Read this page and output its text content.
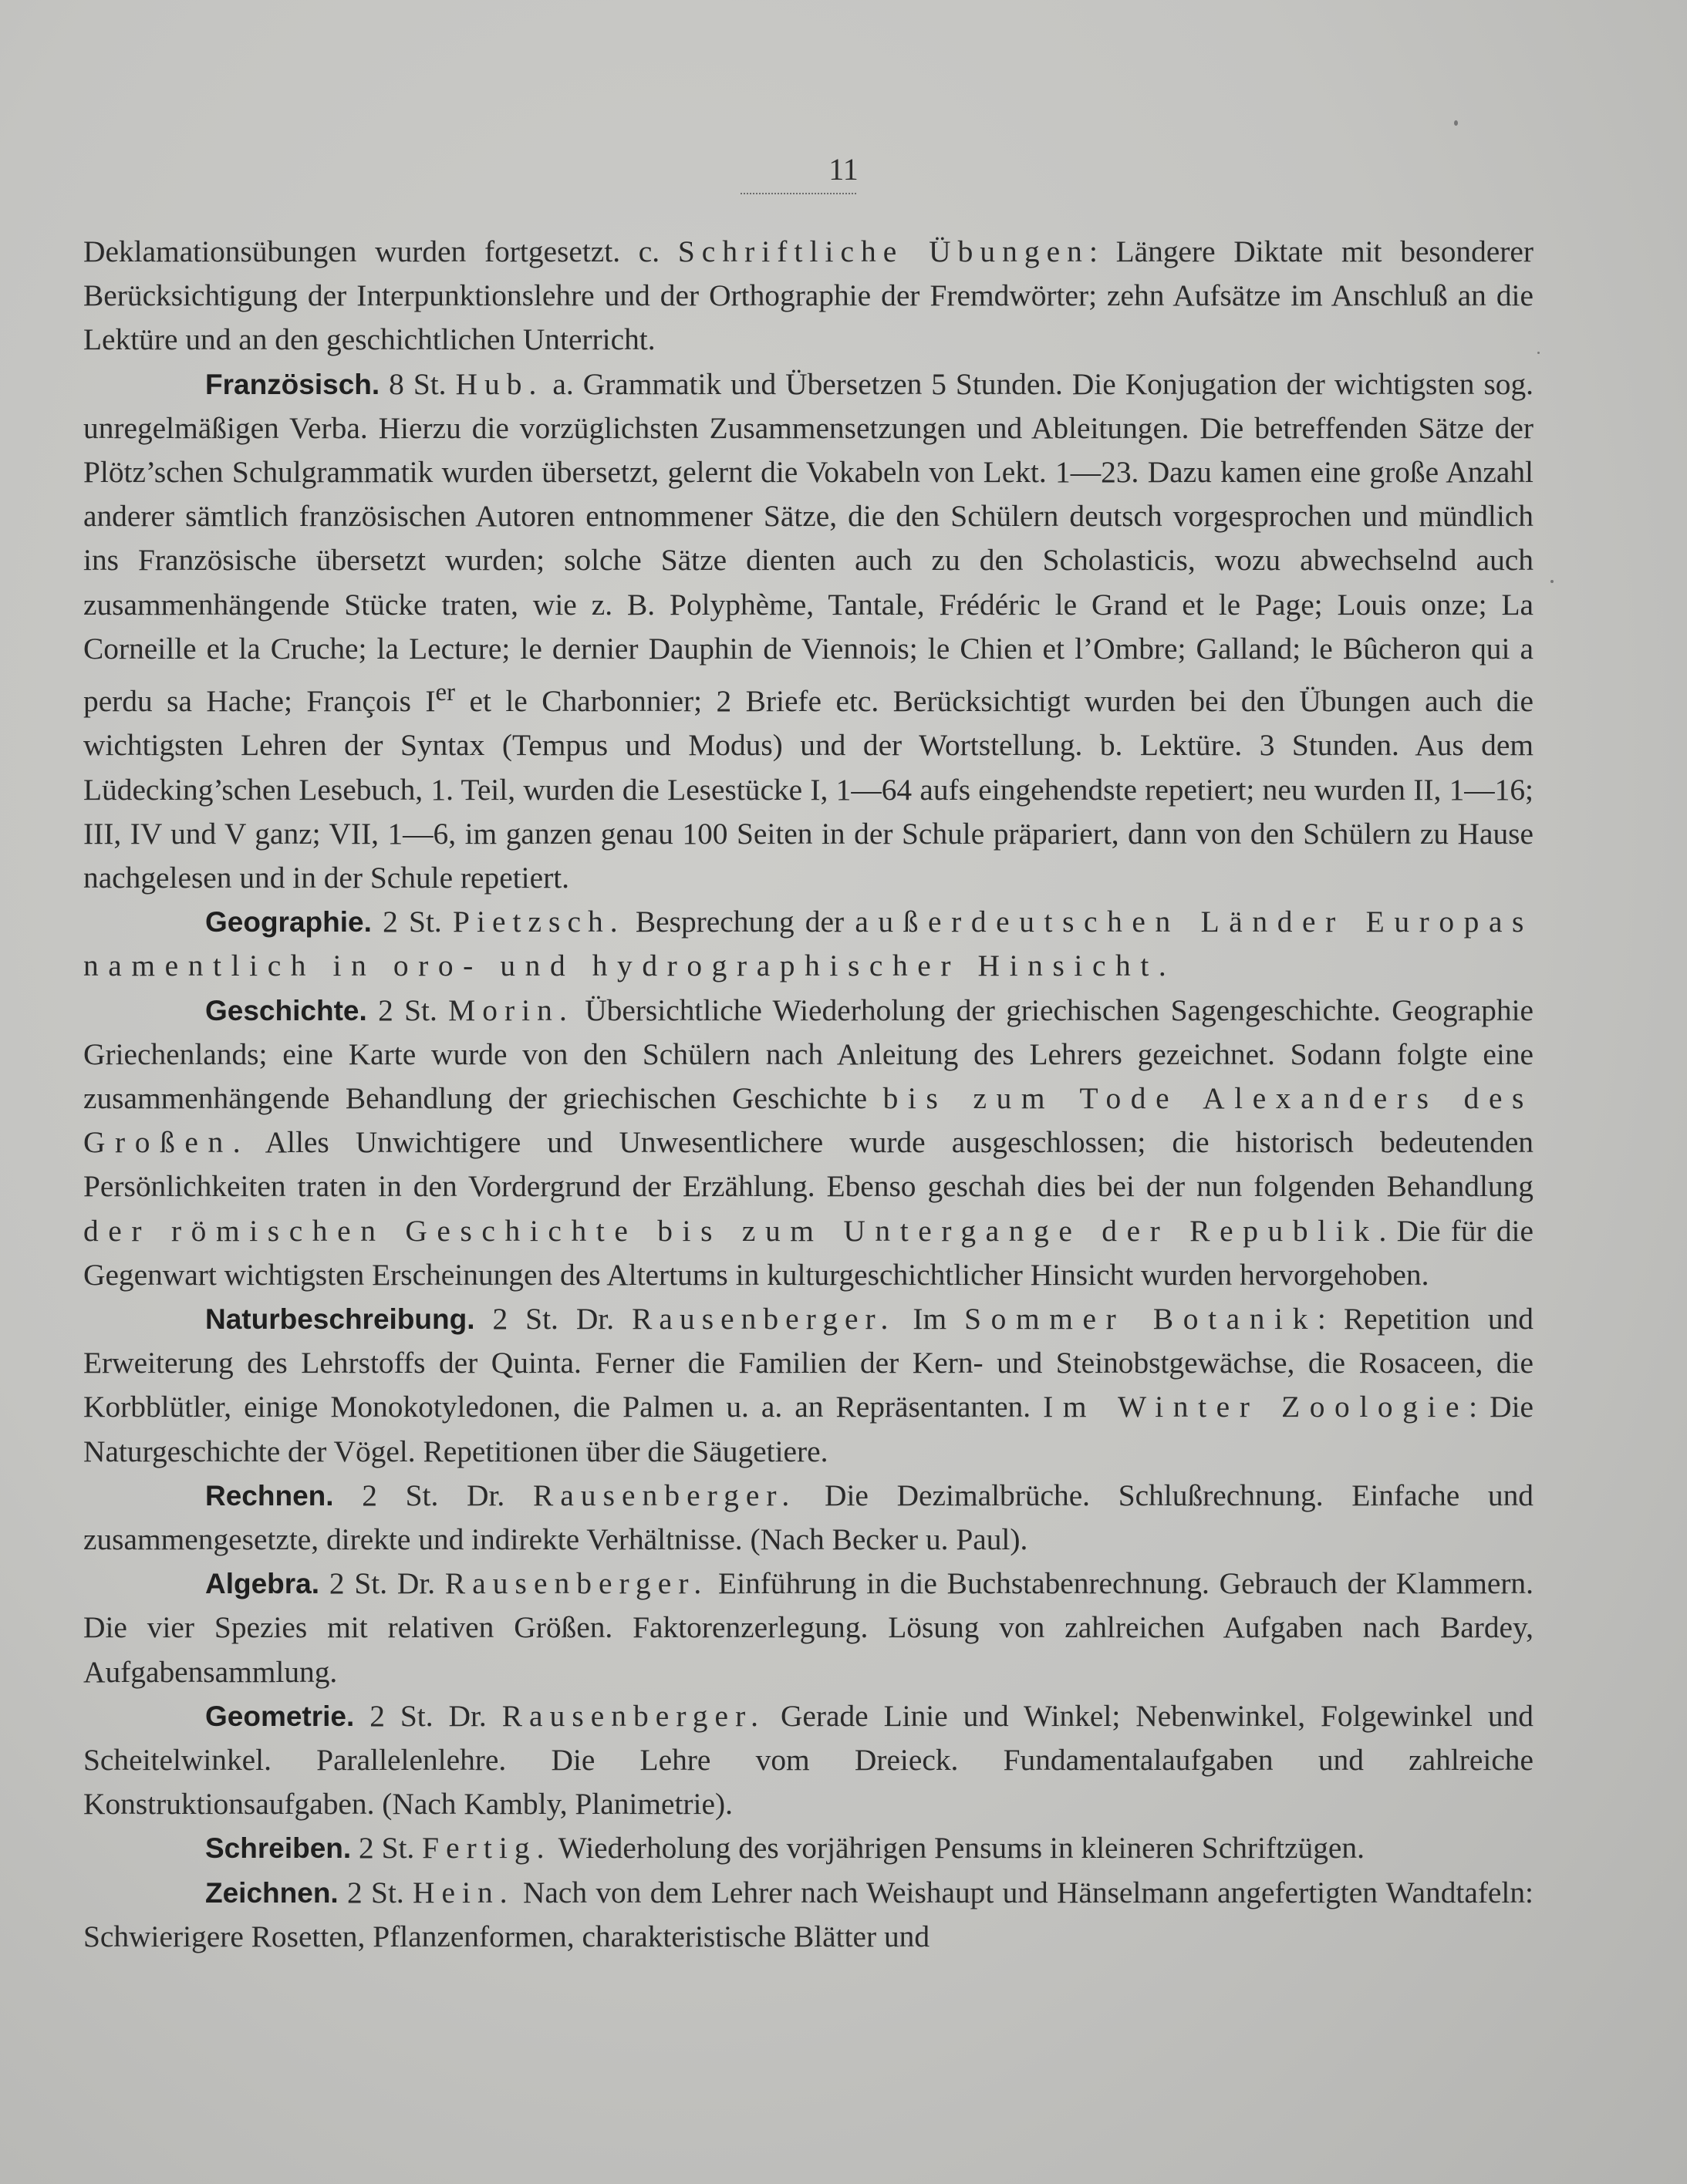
11

Deklamationsübungen wurden fortgesetzt. c. Schriftliche Übungen: Längere Diktate mit besonderer Berücksichtigung der Interpunktionslehre und der Orthographie der Fremdwörter; zehn Aufsätze im Anschluß an die Lektüre und an den geschichtlichen Unterricht.

Französisch. 8 St. Hub. a. Grammatik und Übersetzen 5 Stunden. Die Konjugation der wichtigsten sog. unregelmäßigen Verba. Hierzu die vorzüglichsten Zusammensetzungen und Ableitungen. Die betreffenden Sätze der Plötz’schen Schulgrammatik wurden übersetzt, gelernt die Vokabeln von Lekt. 1—23. Dazu kamen eine große Anzahl anderer sämtlich französischen Autoren entnommener Sätze, die den Schülern deutsch vorgesprochen und mündlich ins Französische übersetzt wurden; solche Sätze dienten auch zu den Scholasticis, wozu abwechselnd auch zusammenhängende Stücke traten, wie z. B. Polyphème, Tantale, Frédéric le Grand et le Page; Louis onze; La Corneille et la Cruche; la Lecture; le dernier Dauphin de Viennois; le Chien et l’Ombre; Galland; le Bûcheron qui a perdu sa Hache; François Ier et le Charbonnier; 2 Briefe etc. Berücksichtigt wurden bei den Übungen auch die wichtigsten Lehren der Syntax (Tempus und Modus) und der Wortstellung. b. Lektüre. 3 Stunden. Aus dem Lüdecking’schen Lesebuch, 1. Teil, wurden die Lesestücke I, 1—64 aufs eingehendste repetiert; neu wurden II, 1—16; III, IV und V ganz; VII, 1—6, im ganzen genau 100 Seiten in der Schule präpariert, dann von den Schülern zu Hause nachgelesen und in der Schule repetiert.

Geographie. 2 St. Pietzsch. Besprechung der außerdeutschen Länder Europas namentlich in oro- und hydrographischer Hinsicht.

Geschichte. 2 St. Morin. Übersichtliche Wiederholung der griechischen Sagengeschichte. Geographie Griechenlands; eine Karte wurde von den Schülern nach Anleitung des Lehrers gezeichnet. Sodann folgte eine zusammenhängende Behandlung der griechischen Geschichte bis zum Tode Alexanders des Großen. Alles Unwichtigere und Unwesentlichere wurde ausgeschlossen; die historisch bedeutenden Persönlichkeiten traten in den Vordergrund der Erzählung. Ebenso geschah dies bei der nun folgenden Behandlung der römischen Geschichte bis zum Untergange der Republik. Die für die Gegenwart wichtigsten Erscheinungen des Altertums in kulturgeschichtlicher Hinsicht wurden hervorgehoben.

Naturbeschreibung. 2 St. Dr. Rausenberger. Im Sommer Botanik: Repetition und Erweiterung des Lehrstoffs der Quinta. Ferner die Familien der Kern- und Steinobstgewächse, die Rosaceen, die Korbblütler, einige Monokotyledonen, die Palmen u. a. an Repräsentanten. Im Winter Zoologie: Die Naturgeschichte der Vögel. Repetitionen über die Säugetiere.

Rechnen. 2 St. Dr. Rausenberger. Die Dezimalbrüche. Schlußrechnung. Einfache und zusammengesetzte, direkte und indirekte Verhältnisse. (Nach Becker u. Paul).

Algebra. 2 St. Dr. Rausenberger. Einführung in die Buchstabenrechnung. Gebrauch der Klammern. Die vier Spezies mit relativen Größen. Faktorenzerlegung. Lösung von zahlreichen Aufgaben nach Bardey, Aufgabensammlung.

Geometrie. 2 St. Dr. Rausenberger. Gerade Linie und Winkel; Nebenwinkel, Folgewinkel und Scheitelwinkel. Parallelenlehre. Die Lehre vom Dreieck. Fundamentalaufgaben und zahlreiche Konstruktionsaufgaben. (Nach Kambly, Planimetrie).

Schreiben. 2 St. Fertig. Wiederholung des vorjährigen Pensums in kleineren Schriftzügen.

Zeichnen. 2 St. Hein. Nach von dem Lehrer nach Weishaupt und Hänselmann angefertigten Wandtafeln: Schwierigere Rosetten, Pflanzenformen, charakteristische Blätter und
